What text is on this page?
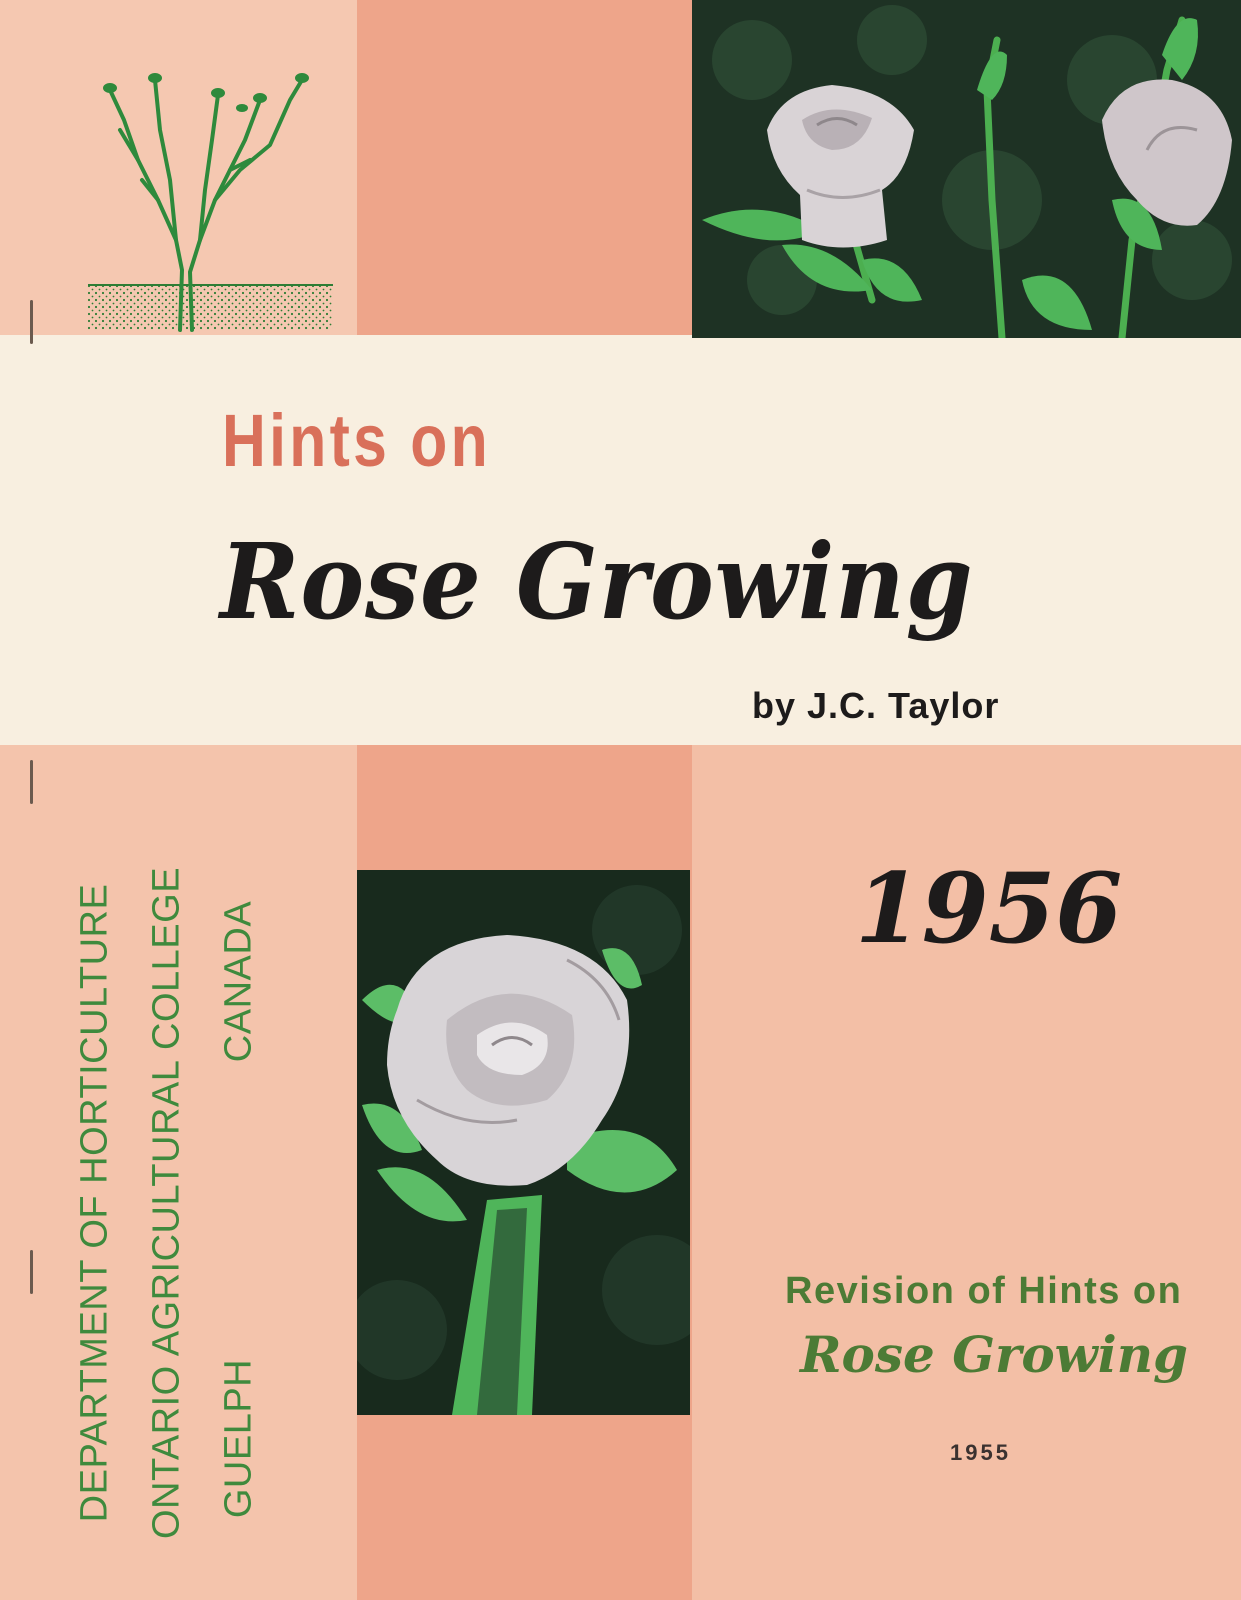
Hints on
Rose Growing
by J.C. Taylor
1956
DEPARTMENT OF HORTICULTURE ONTARIO AGRICULTURAL COLLEGE GUELPH
CANADA
Revision of Hints on
Rose Growing
1955
